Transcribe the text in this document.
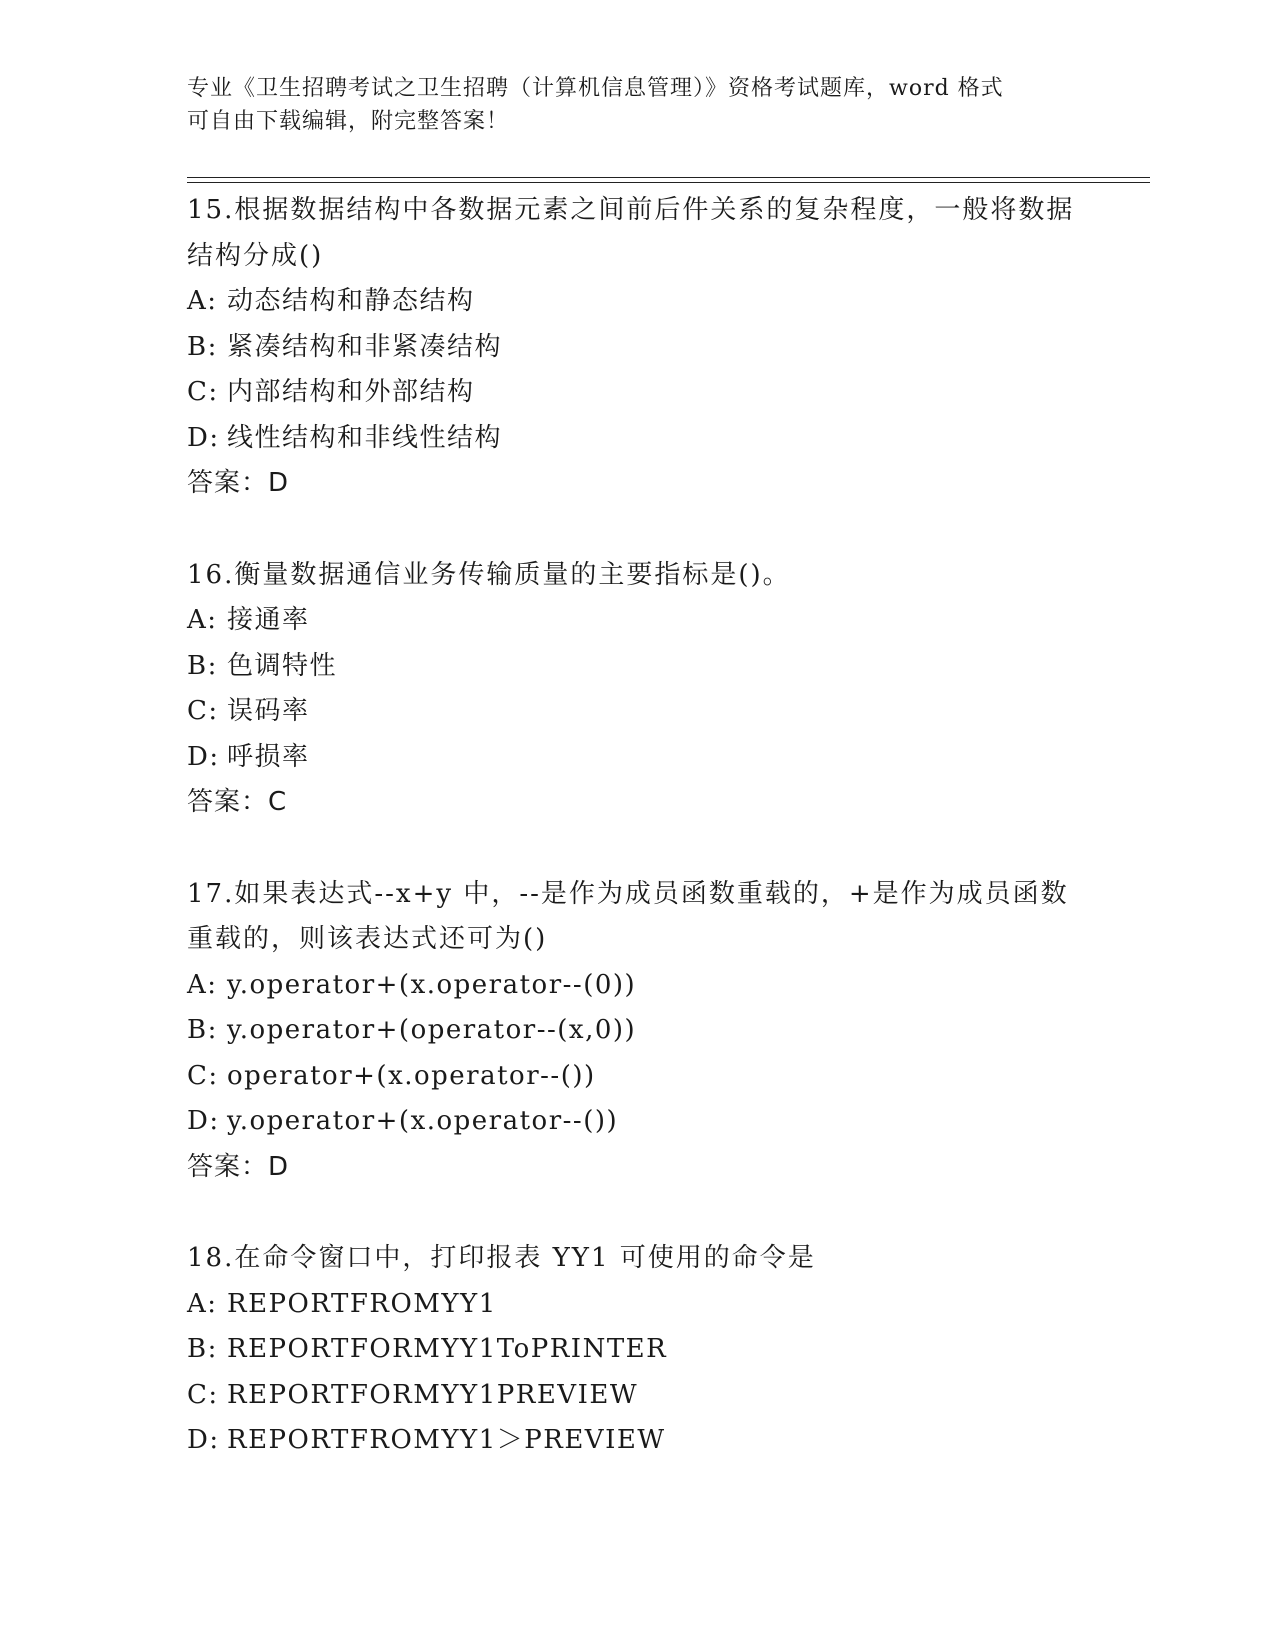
专业《卫生招聘考试之卫生招聘（计算机信息管理）》资格考试题库，word 格式
可自由下载编辑，附完整答案！
15.根据数据结构中各数据元素之间前后件关系的复杂程度，一般将数据结构分成()
A: 动态结构和静态结构
B: 紧凑结构和非紧凑结构
C: 内部结构和外部结构
D: 线性结构和非线性结构
答案：D
16.衡量数据通信业务传输质量的主要指标是()。
A: 接通率
B: 色调特性
C: 误码率
D: 呼损率
答案：C
17.如果表达式--x+y 中，--是作为成员函数重载的，+是作为成员函数重载的，则该表达式还可为()
A: y.operator+(x.operator--(0))
B: y.operator+(operator--(x,0))
C: operator+(x.operator--())
D: y.operator+(x.operator--())
答案：D
18.在命令窗口中，打印报表 YY1 可使用的命令是
A: REPORTFROMYY1
B: REPORTFORMYY1ToPRINTER
C: REPORTFORMYY1PREVIEW
D: REPORTFROMYY1＞PREVIEW
